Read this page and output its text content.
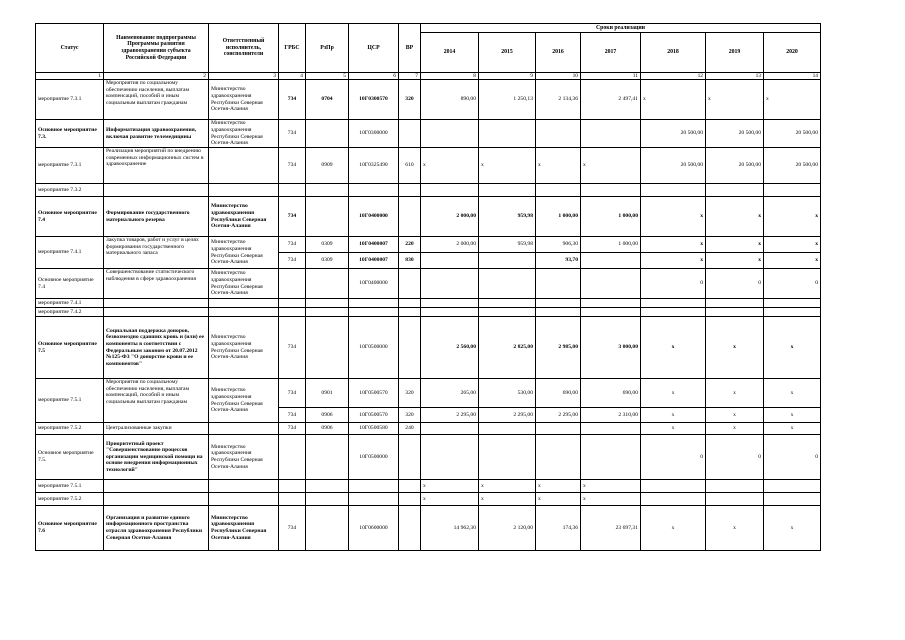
Статус	Наименование подпрограммы Программы развития здравоохранения субъекта Российской Федерации	Ответственный исполнитель, соисполнители	ГРБС	РзПр	ЦСР	ВР	Сроки реализации						
							2014	2015	2016	2017	2018	2019	2020
1	2	3	4	5	6	7	8	9	10	11	12	13	14
мероприятие 7.3.1	Мероприятия по социальному обеспечению населения, выплатам компенсаций, пособий и иным социальным выплатам гражданам	Министерство здравоохранения Республики Северная Осетия-Алания	734	0704	10Г0300570	320	890,00	1 250,13	2 134,36	2 497,41	x	x	x
Основное мероприятие 7.3.	Информатизация здравоохранения, включая развитие телемедицины	Министерство здравоохранения Республики Северная Осетия-Алания	734		10Г0300000						20 500,00	20 500,00	20 500,00
мероприятие 7.3.1	Реализация мероприятий по внедрению современных информационных систем в здравоохранение		734	0909	10Г0325490	610	x	x	x	x	20 500,00	20 500,00	20 500,00
мероприятие 7.3.2													
Основное мероприятие 7.4	Формирование государственного материального резерва	Министерство здравоохранения Республики Северная Осетия-Алания	734		10Г0400000		2 000,00	959,98	1 000,00	1 000,00	x	x	x
мероприятие 7.4.1	Закупка товаров, работ и услуг в целях формирования государственного материального запаса	Министерство здравоохранения Республики Северная Осетия-Алания	734	0309	10Г0400007	220	2 000,00	959,98	906,30	1 000,00	x	x	x
			734	0309	10Г0400007	830			93,70		x	x	x
Основное мероприятие 7.4	Совершенствование статистического наблюдения в сфере здравоохранения	Министерство здравоохранения Республики Северная Осетия-Алания			10Г0400000						0	0	0
мероприятие 7.4.1													
мероприятие 7.4.2													
Основное мероприятие 7.5	Социальная поддержка доноров, безвозмездно сдавших кровь и (или) ее компоненты в соответствии с Федеральным законом от 20.07.2012 №125-ФЗ "О донорстве крови и ее компонентов"	Министерство здравоохранения Республики Северная Осетия-Алания	734		10Г0500000		2 560,00	2 825,00	2 985,00	3 000,00	x	x	x
мероприятие 7.5.1	Мероприятия по социальному обеспечению населения, выплатам компенсаций, пособий и иным социальным выплатам гражданам	Министерство здравоохранения Республики Северная Осетия-Алания	734	0901	10Г0500570	320	265,00	530,00	690,00	690,00	x	x	x
			734	0906	10Г0500570	320	2 295,00	2 295,00	2 295,00	2 310,00	x	x	x
мероприятие 7.5.2	Централизованные закупки		734	0906	10Г0500580	240					x	x	x
Основное мероприятие 7.5.	Приоритетный проект "Совершенствование процессов организации медицинской помощи на основе внедрения информационных технологий"	Министерство здравоохранения Республики Северная Осетия-Алания			10Г0500000						0	0	0
мероприятие 7.5.1							x	x	x	x			
мероприятие 7.5.2							x	x	x	x			
Основное мероприятие 7.6	Организация и развитие единого информационного пространства отрасли здравоохранения Республики Северная Осетия-Алания	Министерство здравоохранения Республики Северная Осетия-Алания	734		10Г0600000		14 962,30	2 120,00	174,36	23 697,31	x	x	x
